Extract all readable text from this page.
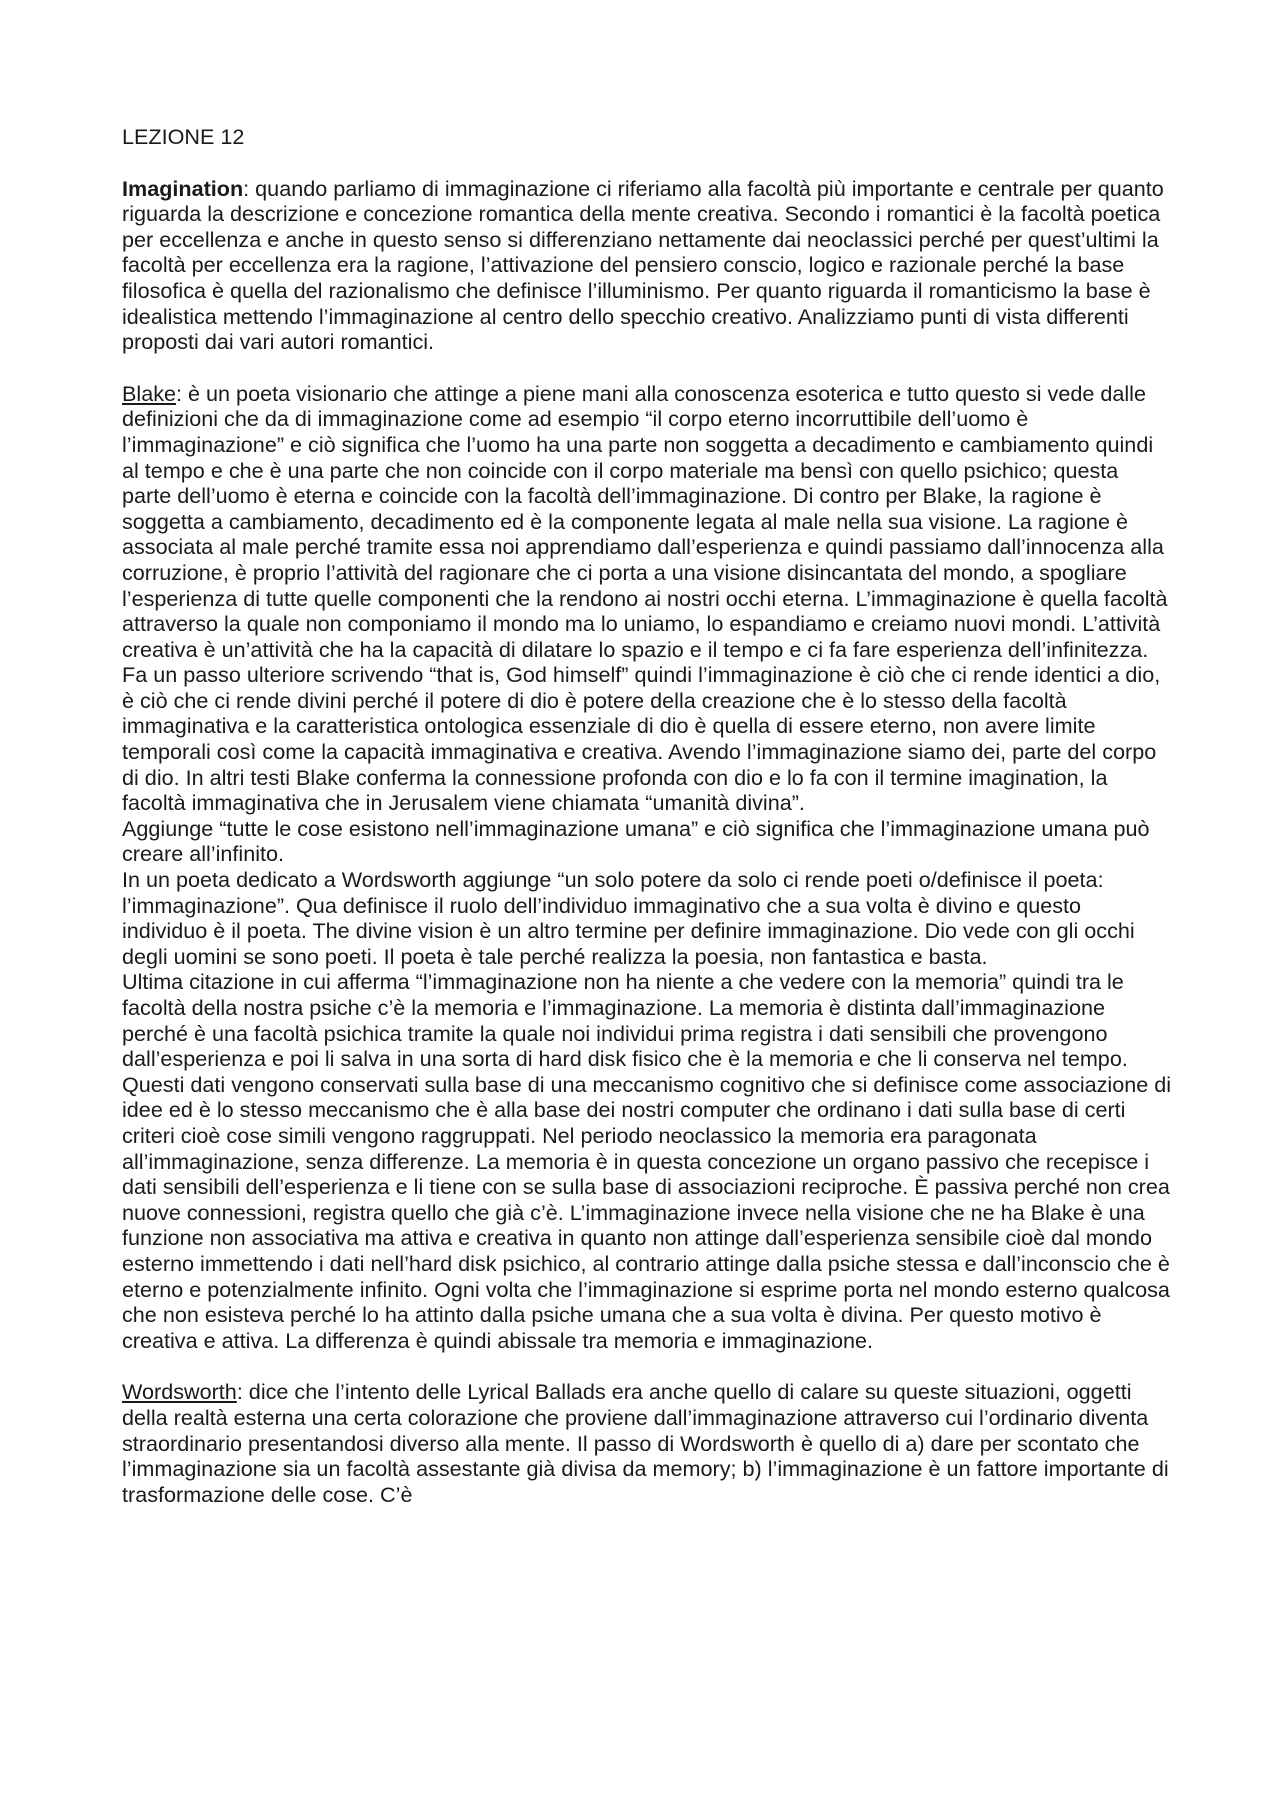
LEZIONE 12

Imagination: quando parliamo di immaginazione ci riferiamo alla facoltà più importante e centrale per quanto riguarda la descrizione e concezione romantica della mente creativa. Secondo i romantici è la facoltà poetica per eccellenza e anche in questo senso si differenziano nettamente dai neoclassici perché per quest’ultimi la facoltà per eccellenza era la ragione, l’attivazione del pensiero conscio, logico e razionale perché la base filosofica è quella del razionalismo che definisce l’illuminismo. Per quanto riguarda il romanticismo la base è idealistica mettendo l’immaginazione al centro dello specchio creativo. Analizziamo punti di vista differenti proposti dai vari autori romantici.

Blake: è un poeta visionario che attinge a piene mani alla conoscenza esoterica e tutto questo si vede dalle definizioni che da di immaginazione come ad esempio “il corpo eterno incorruttibile dell’uomo è l’immaginazione” e ciò significa che l’uomo ha una parte non soggetta a decadimento e cambiamento quindi al tempo e che è una parte che non coincide con il corpo materiale ma bensì con quello psichico; questa parte dell’uomo è eterna e coincide con la facoltà dell’immaginazione. Di contro per Blake, la ragione è soggetta a cambiamento, decadimento ed è la componente legata al male nella sua visione. La ragione è associata al male perché tramite essa noi apprendiamo dall’esperienza e quindi passiamo dall’innocenza alla corruzione, è proprio l’attività del ragionare che ci porta a una visione disincantata del mondo, a spogliare l’esperienza di tutte quelle componenti che la rendono ai nostri occhi eterna. L’immaginazione è quella facoltà attraverso la quale non componiamo il mondo ma lo uniamo, lo espandiamo e creiamo nuovi mondi. L’attività creativa è un’attività che ha la capacità di dilatare lo spazio e il tempo e ci fa fare esperienza dell’infinitezza. Fa un passo ulteriore scrivendo “that is, God himself” quindi l’immaginazione è ciò che ci rende identici a dio, è ciò che ci rende divini perché il potere di dio è potere della creazione che è lo stesso della facoltà immaginativa e la caratteristica ontologica essenziale di dio è quella di essere eterno, non avere limite temporali così come la capacità immaginativa e creativa. Avendo l’immaginazione siamo dei, parte del corpo di dio. In altri testi Blake conferma la connessione profonda con dio e lo fa con il termine imagination, la facoltà immaginativa che in Jerusalem viene chiamata “umanità divina”.

Aggiunge “tutte le cose esistono nell’immaginazione umana” e ciò significa che l’immaginazione umana può creare all’infinito.

In un poeta dedicato a Wordsworth aggiunge “un solo potere da solo ci rende poeti o/definisce il poeta: l’immaginazione”. Qua definisce il ruolo dell’individuo immaginativo che a sua volta è divino e questo individuo è il poeta. The divine vision è un altro termine per definire immaginazione. Dio vede con gli occhi degli uomini se sono poeti. Il poeta è tale perché realizza la poesia, non fantastica e basta.

Ultima citazione in cui afferma “l’immaginazione non ha niente a che vedere con la memoria” quindi tra le facoltà della nostra psiche c’è la memoria e l’immaginazione. La memoria è distinta dall’immaginazione perché è una facoltà psichica tramite la quale noi individui prima registra i dati sensibili che provengono dall’esperienza e poi li salva in una sorta di hard disk fisico che è la memoria e che li conserva nel tempo. Questi dati vengono conservati sulla base di una meccanismo cognitivo che si definisce come associazione di idee ed è lo stesso meccanismo che è alla base dei nostri computer che ordinano i dati sulla base di certi criteri cioè cose simili vengono raggruppati. Nel periodo neoclassico la memoria era paragonata all’immaginazione, senza differenze. La memoria è in questa concezione un organo passivo che recepisce i dati sensibili dell’esperienza e li tiene con se sulla base di associazioni reciproche. È passiva perché non crea nuove connessioni, registra quello che già c’è. L’immaginazione invece nella visione che ne ha Blake è una funzione non associativa ma attiva e creativa in quanto non attinge dall’esperienza sensibile cioè dal mondo esterno immettendo i dati nell’hard disk psichico, al contrario attinge dalla psiche stessa e dall’inconscio che è eterno e potenzialmente infinito. Ogni volta che l’immaginazione si esprime porta nel mondo esterno qualcosa che non esisteva perché lo ha attinto dalla psiche umana che a sua volta è divina. Per questo motivo è creativa e attiva. La differenza è quindi abissale tra memoria e immaginazione.

Wordsworth: dice che l’intento delle Lyrical Ballads era anche quello di calare su queste situazioni, oggetti della realtà esterna una certa colorazione che proviene dall’immaginazione attraverso cui l’ordinario diventa straordinario presentandosi diverso alla mente. Il passo di Wordsworth è quello di a) dare per scontato che l’immaginazione sia un facoltà assestante già divisa da memory; b) l’immaginazione è un fattore importante di trasformazione delle cose. C’è
